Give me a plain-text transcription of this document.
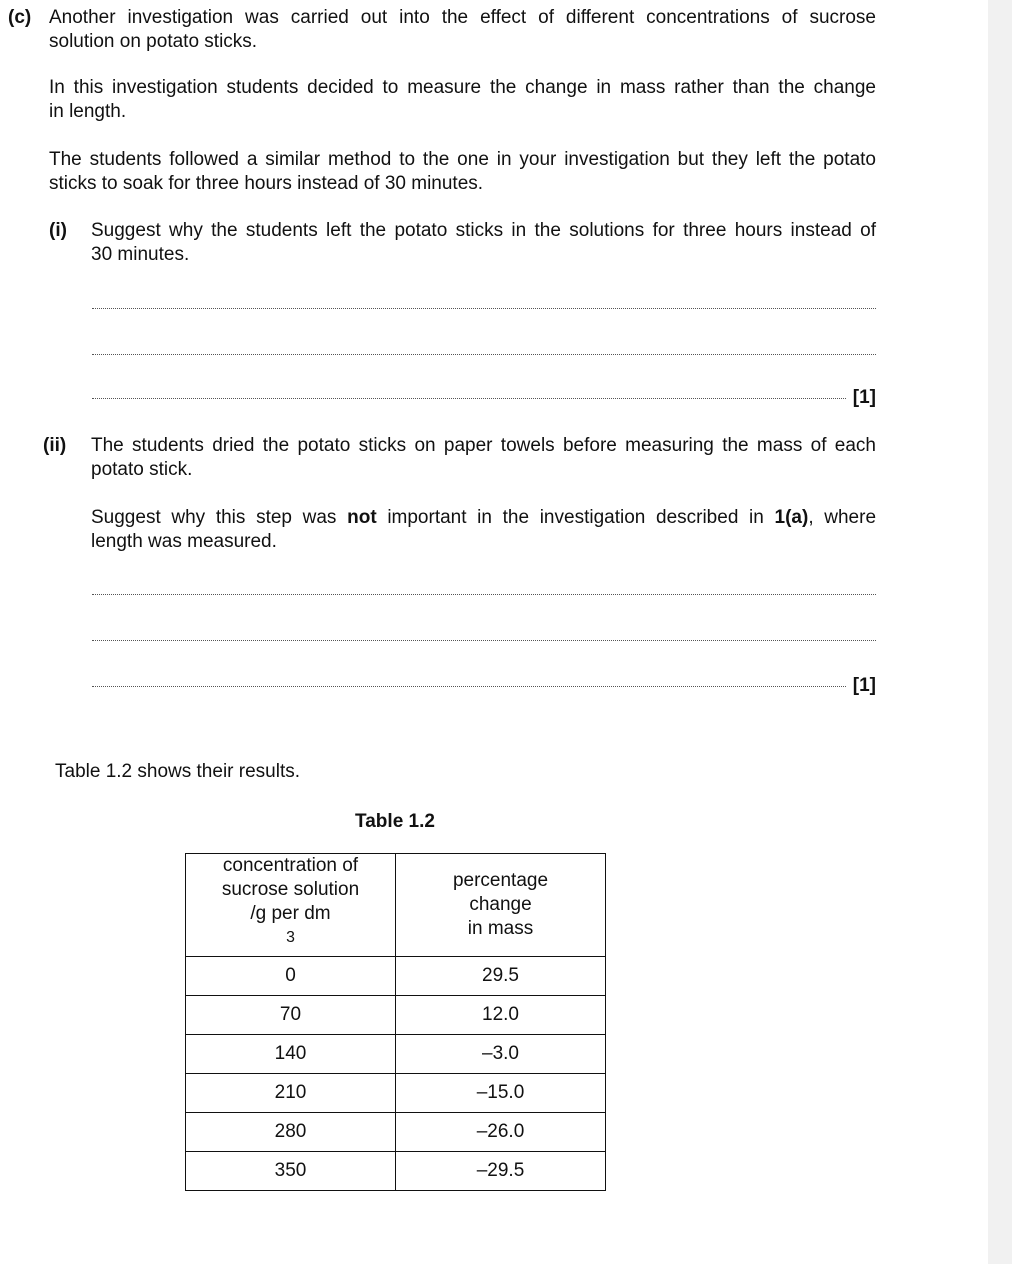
(c) Another investigation was carried out into the effect of different concentrations of sucrose
solution on potato sticks.
In this investigation students decided to measure the change in mass rather than the change
in length.
The students followed a similar method to the one in your investigation but they left the potato
sticks to soak for three hours instead of 30 minutes.
(i) Suggest why the students left the potato sticks in the solutions for three hours instead of
30 minutes.
[1]
(ii) The students dried the potato sticks on paper towels before measuring the mass of each
potato stick.
Suggest why this step was not important in the investigation described in 1(a), where
length was measured.
[1]
Table 1.2 shows their results.
Table 1.2
concentration of
sucrose solution
/g per dm
$^3$	percentage
change
in mass

0	29.5
70	12.0
140	–3.0
210	–15.0
280	–26.0
350	–29.5
